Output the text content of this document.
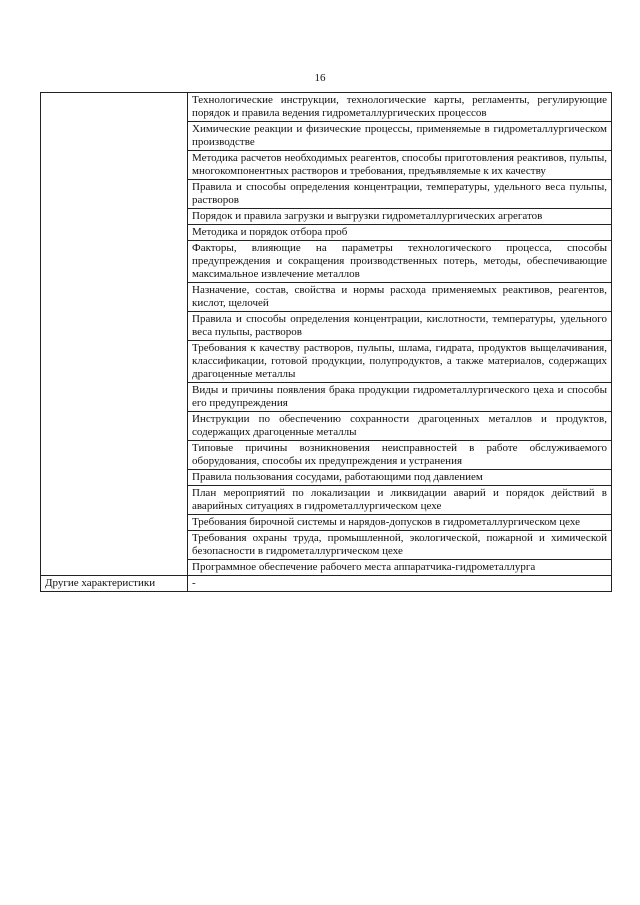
16
	Технологические инструкции, технологические карты, регламенты, регулирующие порядок и правила ведения гидрометаллургических процессов
	Химические реакции и физические процессы, применяемые в гидрометаллургическом производстве
	Методика расчетов необходимых реагентов, способы приготовления реактивов, пульпы, многокомпонентных растворов и требования, предъявляемые к их качеству
	Правила и способы определения концентрации, температуры, удельного веса пульпы, растворов
	Порядок и правила загрузки и выгрузки гидрометаллургических агрегатов
	Методика и порядок отбора проб
	Факторы, влияющие на параметры технологического процесса, способы предупреждения и сокращения производственных потерь, методы, обеспечивающие максимальное извлечение металлов
	Назначение, состав, свойства и нормы расхода применяемых реактивов, реагентов, кислот, щелочей
	Правила и способы определения концентрации, кислотности, температуры, удельного веса пульпы, растворов
	Требования к качеству растворов, пульпы, шлама, гидрата, продуктов выщелачивания, классификации, готовой продукции, полупродуктов, а также материалов, содержащих драгоценные металлы
	Виды и причины появления брака продукции гидрометаллургического цеха и способы его предупреждения
	Инструкции по обеспечению сохранности драгоценных металлов и продуктов, содержащих драгоценные металлы
	Типовые причины возникновения неисправностей в работе обслуживаемого оборудования, способы их предупреждения и устранения
	Правила пользования сосудами, работающими под давлением
	План мероприятий по локализации и ликвидации аварий и порядок действий в аварийных ситуациях в гидрометаллургическом цехе
	Требования бирочной системы и нарядов-допусков в гидрометаллургическом цехе
	Требования охраны труда, промышленной, экологической, пожарной и химической безопасности в гидрометаллургическом цехе
	Программное обеспечение рабочего места аппаратчика-гидрометаллурга
Другие характеристики	-
